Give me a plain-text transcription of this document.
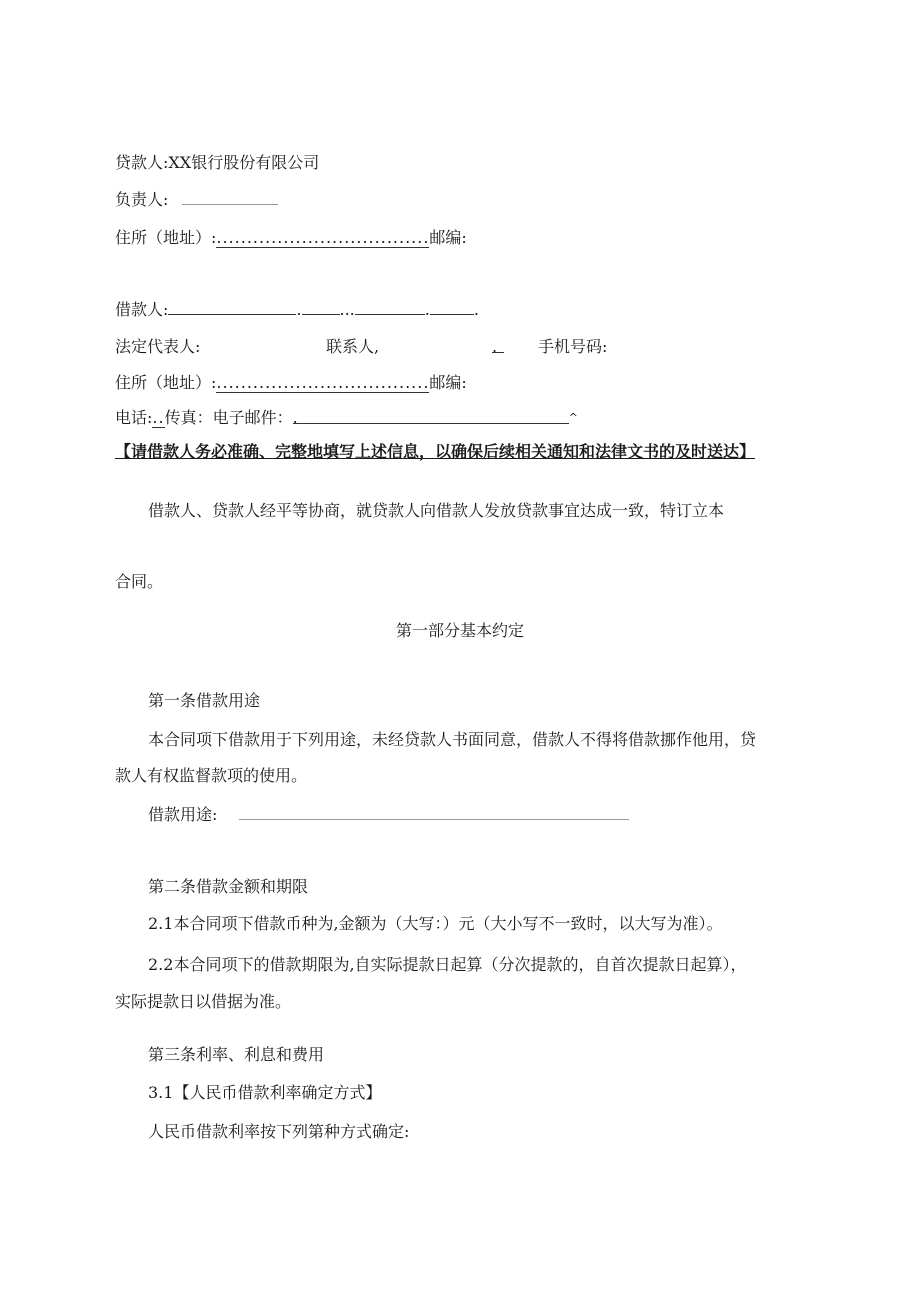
贷款人:XX银行股份有限公司
负责人:
住所（地址）:...................................邮编:
借款人:	. ...	.	.
法定代表人:	联系人,	.	手机号码:
住所（地址）:...................................邮编:
电话:..传真：电子邮件：.	^
【请借款人务必准确、完整地填写上述信息，以确保后续相关通知和法律文书的及时送达】
借款人、贷款人经平等协商，就贷款人向借款人发放贷款事宜达成一致，特订立本
合同。
第一部分基本约定
第一条借款用途
本合同项下借款用于下列用途，未经贷款人书面同意，借款人不得将借款挪作他用，贷
款人有权监督款项的使用。
借款用途:
第二条借款金额和期限
2.1本合同项下借款币种为,金额为（大写：）元（大小写不一致时，以大写为准）。
2.2本合同项下的借款期限为,自实际提款日起算（分次提款的，自首次提款日起算），
实际提款日以借据为准。
第三条利率、利息和费用
3.1【人民币借款利率确定方式】
人民币借款利率按下列第种方式确定:
